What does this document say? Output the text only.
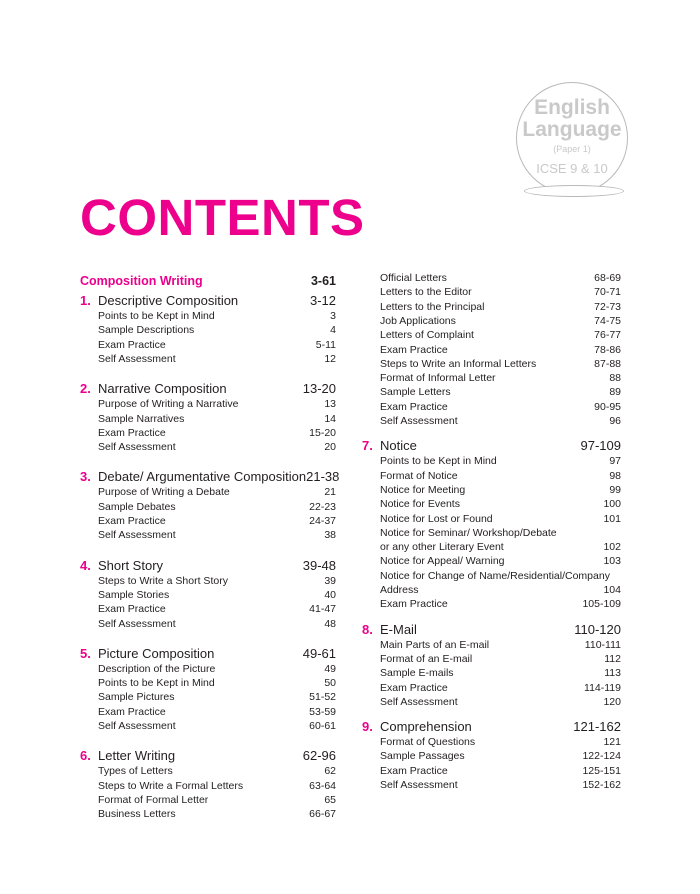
English
Language
(Paper 1)
ICSE 9 & 10
CONTENTS
Composition Writing	3-61
1. Descriptive Composition	3-12
Points to be Kept in Mind	3
Sample Descriptions	4
Exam Practice	5-11
Self Assessment	12
2. Narrative Composition	13-20
Purpose of Writing a Narrative	13
Sample Narratives	14
Exam Practice	15-20
Self Assessment	20
3. Debate/ Argumentative Composition 21-38
Purpose of Writing a Debate	21
Sample Debates	22-23
Exam Practice	24-37
Self Assessment	38
4. Short Story	39-48
Steps to Write a Short Story	39
Sample Stories	40
Exam Practice	41-47
Self Assessment	48
5. Picture Composition	49-61
Description of the Picture	49
Points to be Kept in Mind	50
Sample Pictures	51-52
Exam Practice	53-59
Self Assessment	60-61
6. Letter Writing	62-96
Types of Letters	62
Steps to Write a Formal Letters	63-64
Format of Formal Letter	65
Business Letters	66-67
Official Letters	68-69
Letters to the Editor	70-71
Letters to the Principal	72-73
Job Applications	74-75
Letters of Complaint	76-77
Exam Practice	78-86
Steps to Write an Informal Letters	87-88
Format of Informal Letter	88
Sample Letters	89
Exam Practice	90-95
Self Assessment	96
7. Notice	97-109
Points to be Kept in Mind	97
Format of Notice	98
Notice for Meeting	99
Notice for Events	100
Notice for Lost or Found	101
Notice for Seminar/ Workshop/Debate
or any other Literary Event	102
Notice for Appeal/ Warning	103
Notice for Change of Name/Residential/Company
Address	104
Exam Practice	105-109
8. E-Mail	110-120
Main Parts of an E-mail	110-111
Format of an E-mail	112
Sample E-mails	113
Exam Practice	114-119
Self Assessment	120
9. Comprehension	121-162
Format of Questions	121
Sample Passages	122-124
Exam Practice	125-151
Self Assessment	152-162
